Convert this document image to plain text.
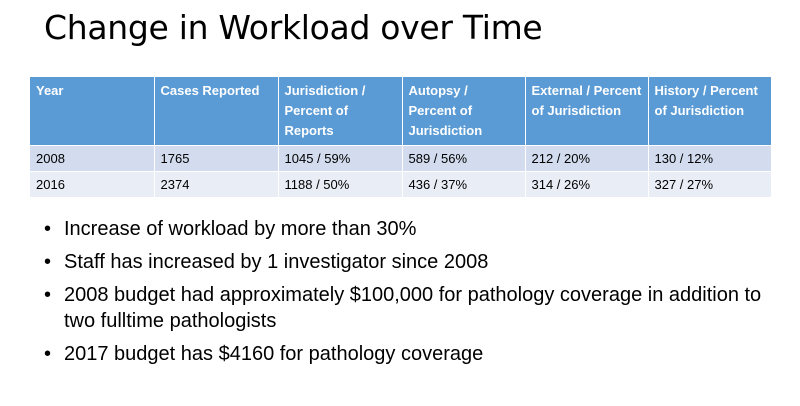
Change in Workload over Time
Year	Cases Reported	Jurisdiction / Percent of Reports	Autopsy / Percent of Jurisdiction	External / Percent of Jurisdiction	History / Percent of Jurisdiction
2008	1765	1045 / 59%	589 / 56%	212 / 20%	130 / 12%
2016	2374	1188 / 50%	436 / 37%	314 / 26%	327 / 27%
• Increase of workload by more than 30%
• Staff has increased by 1 investigator since 2008
• 2008 budget had approximately $100,000 for pathology coverage in addition to two fulltime pathologists
• 2017 budget has $4160 for pathology coverage
